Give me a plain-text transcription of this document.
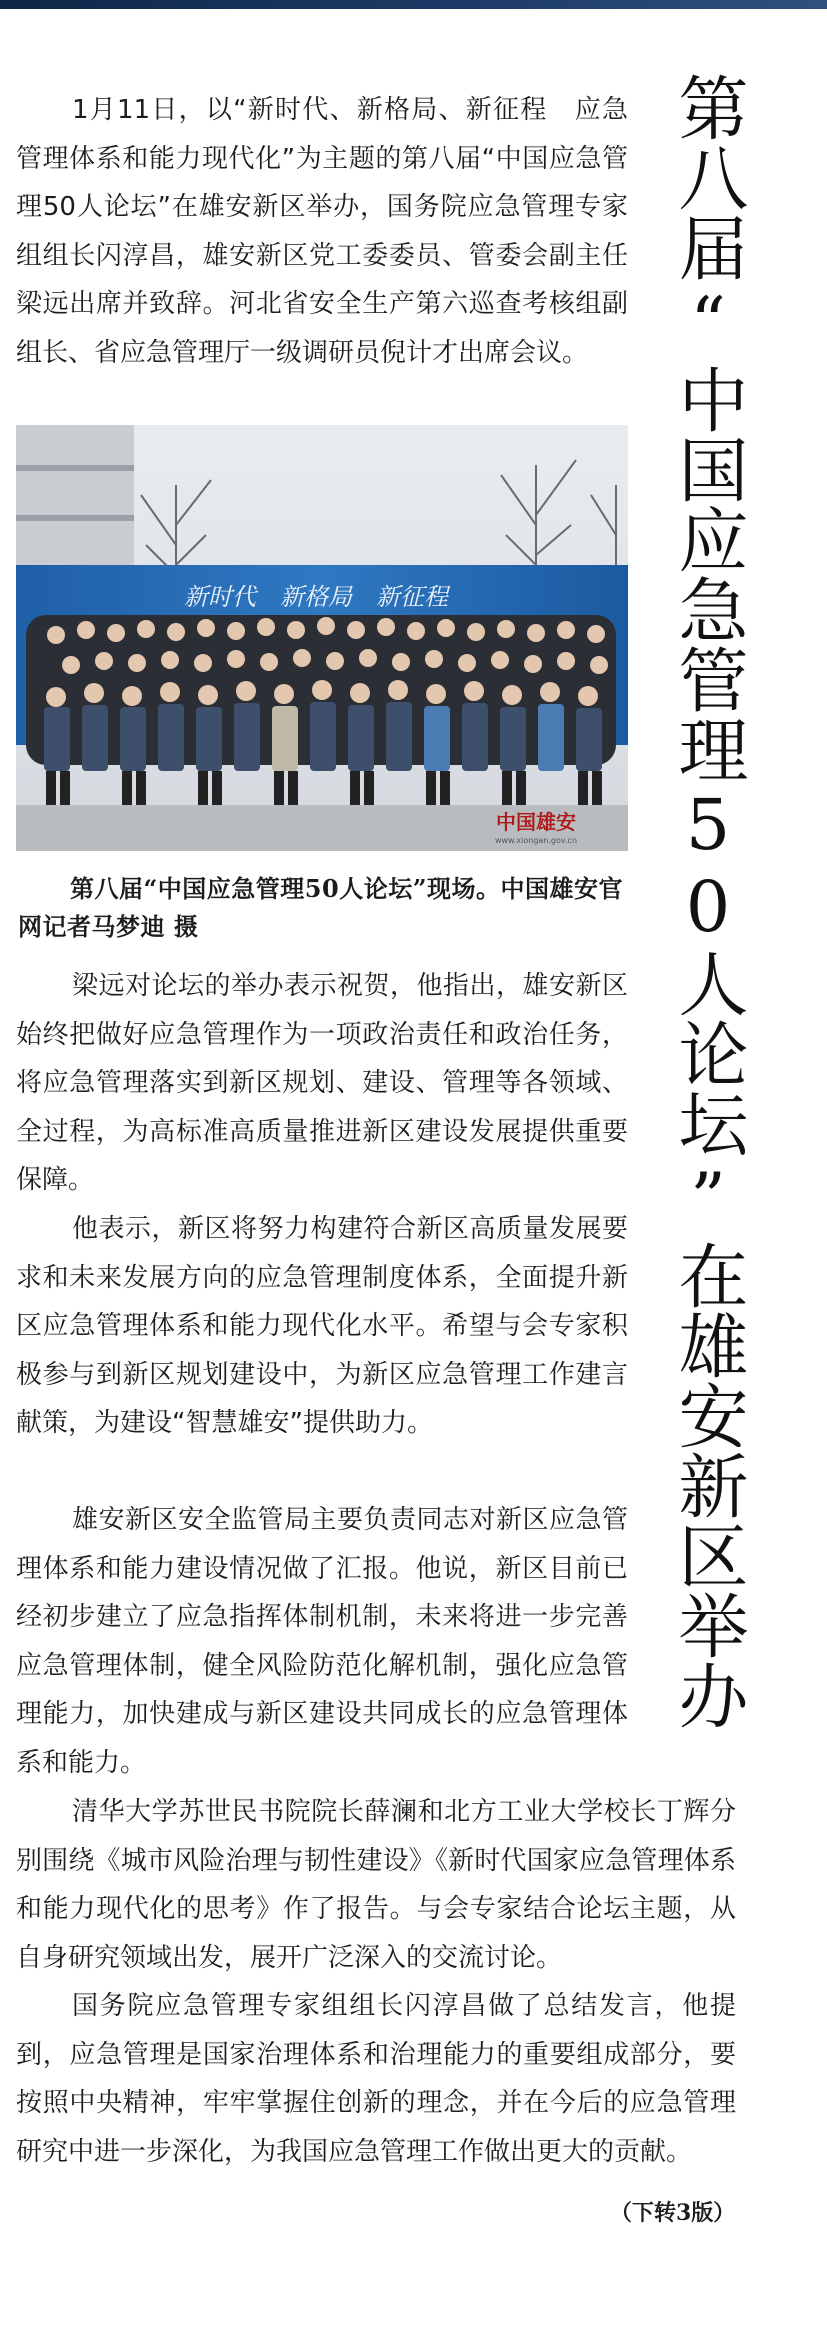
第八届“中国应急管理50人论坛”在雄安新区举办

1月11日，以“新时代、新格局、新征程　应急管理体系和能力现代化”为主题的第八届“中国应急管理50人论坛”在雄安新区举办，国务院应急管理专家组组长闪淳昌，雄安新区党工委委员、管委会副主任梁远出席并致辞。河北省安全生产第六巡查考核组副组长、省应急管理厅一级调研员倪计才出席会议。

新时代　新格局　新征程
中国雄安
www.xiongan.gov.cn

第八届“中国应急管理50人论坛”现场。中国雄安官网记者马梦迪 摄

梁远对论坛的举办表示祝贺，他指出，雄安新区始终把做好应急管理作为一项政治责任和政治任务，将应急管理落实到新区规划、建设、管理等各领域、全过程，为高标准高质量推进新区建设发展提供重要保障。

他表示，新区将努力构建符合新区高质量发展要求和未来发展方向的应急管理制度体系，全面提升新区应急管理体系和能力现代化水平。希望与会专家积极参与到新区规划建设中，为新区应急管理工作建言献策，为建设“智慧雄安”提供助力。

雄安新区安全监管局主要负责同志对新区应急管理体系和能力建设情况做了汇报。他说，新区目前已经初步建立了应急指挥体制机制，未来将进一步完善应急管理体制，健全风险防范化解机制，强化应急管理能力，加快建成与新区建设共同成长的应急管理体系和能力。

清华大学苏世民书院院长薛澜和北方工业大学校长丁辉分别围绕《城市风险治理与韧性建设》《新时代国家应急管理体系和能力现代化的思考》作了报告。与会专家结合论坛主题，从自身研究领域出发，展开广泛深入的交流讨论。

国务院应急管理专家组组长闪淳昌做了总结发言，他提到，应急管理是国家治理体系和治理能力的重要组成部分，要按照中央精神，牢牢掌握住创新的理念，并在今后的应急管理研究中进一步深化，为我国应急管理工作做出更大的贡献。

（下转3版）
